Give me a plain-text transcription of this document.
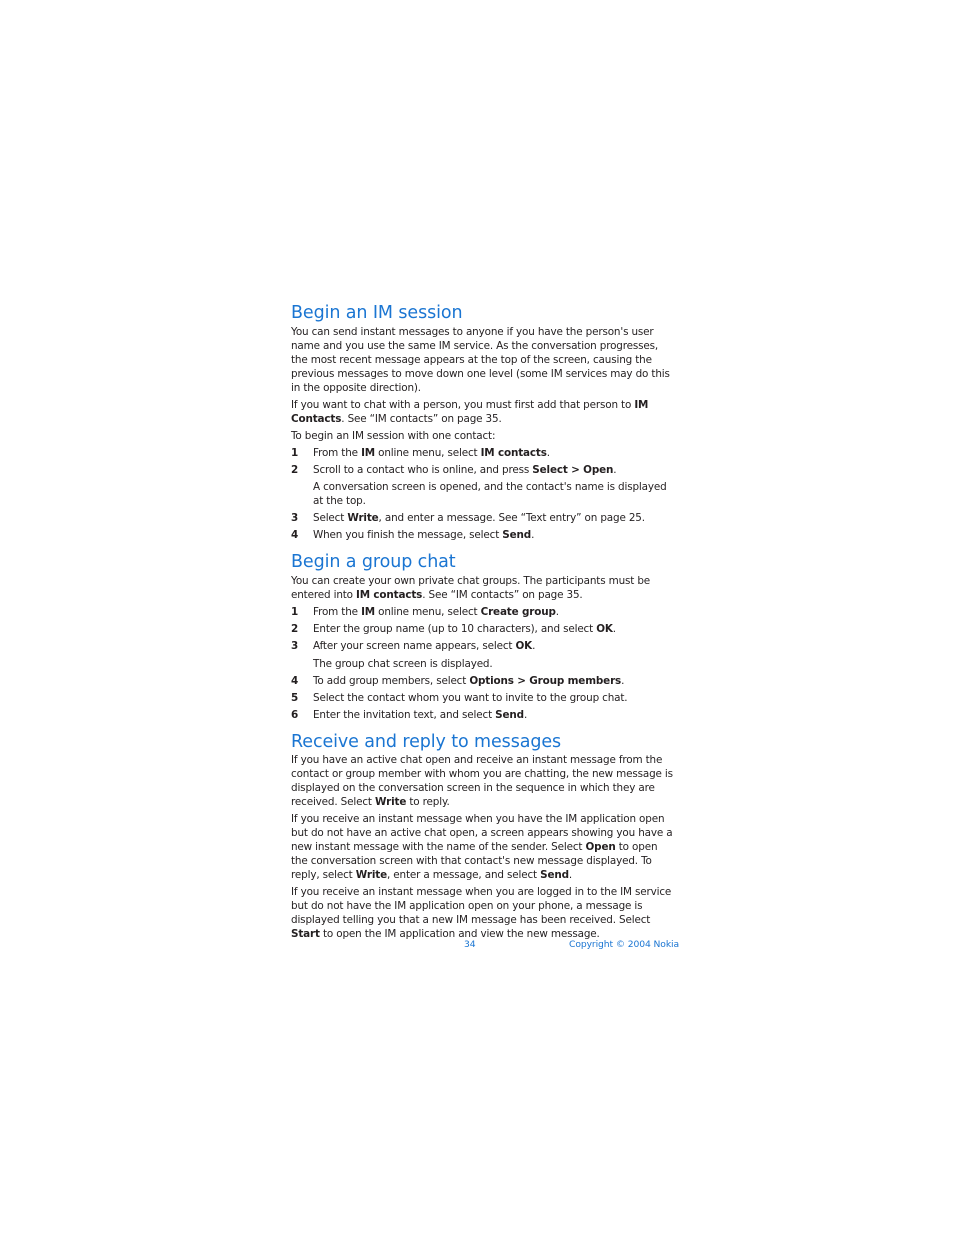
Begin an IM session

You can send instant messages to anyone if you have the person's user name and you use the same IM service. As the conversation progresses, the most recent message appears at the top of the screen, causing the previous messages to move down one level (some IM services may do this in the opposite direction).

If you want to chat with a person, you must first add that person to IM Contacts. See “IM contacts” on page 35.

To begin an IM session with one contact:

1	From the IM online menu, select IM contacts.
2	Scroll to a contact who is online, and press Select > Open.

A conversation screen is opened, and the contact's name is displayed at the top.

3	Select Write, and enter a message. See “Text entry” on page 25.
4	When you finish the message, select Send.
Begin a group chat

You can create your own private chat groups. The participants must be entered into IM contacts. See “IM contacts” on page 35.

1	From the IM online menu, select Create group.
2	Enter the group name (up to 10 characters), and select OK.
3	After your screen name appears, select OK.

The group chat screen is displayed.

4	To add group members, select Options > Group members.
5	Select the contact whom you want to invite to the group chat.
6	Enter the invitation text, and select Send.
Receive and reply to messages

If you have an active chat open and receive an instant message from the contact or group member with whom you are chatting, the new message is displayed on the conversation screen in the sequence in which they are received. Select Write to reply.

If you receive an instant message when you have the IM application open but do not have an active chat open, a screen appears showing you have a new instant message with the name of the sender. Select Open to open the conversation screen with that contact's new message displayed. To reply, select Write, enter a message, and select Send.

If you receive an instant message when you are logged in to the IM service but do not have the IM application open on your phone, a message is displayed telling you that a new IM message has been received. Select Start to open the IM application and view the new message.

34	Copyright © 2004 Nokia
